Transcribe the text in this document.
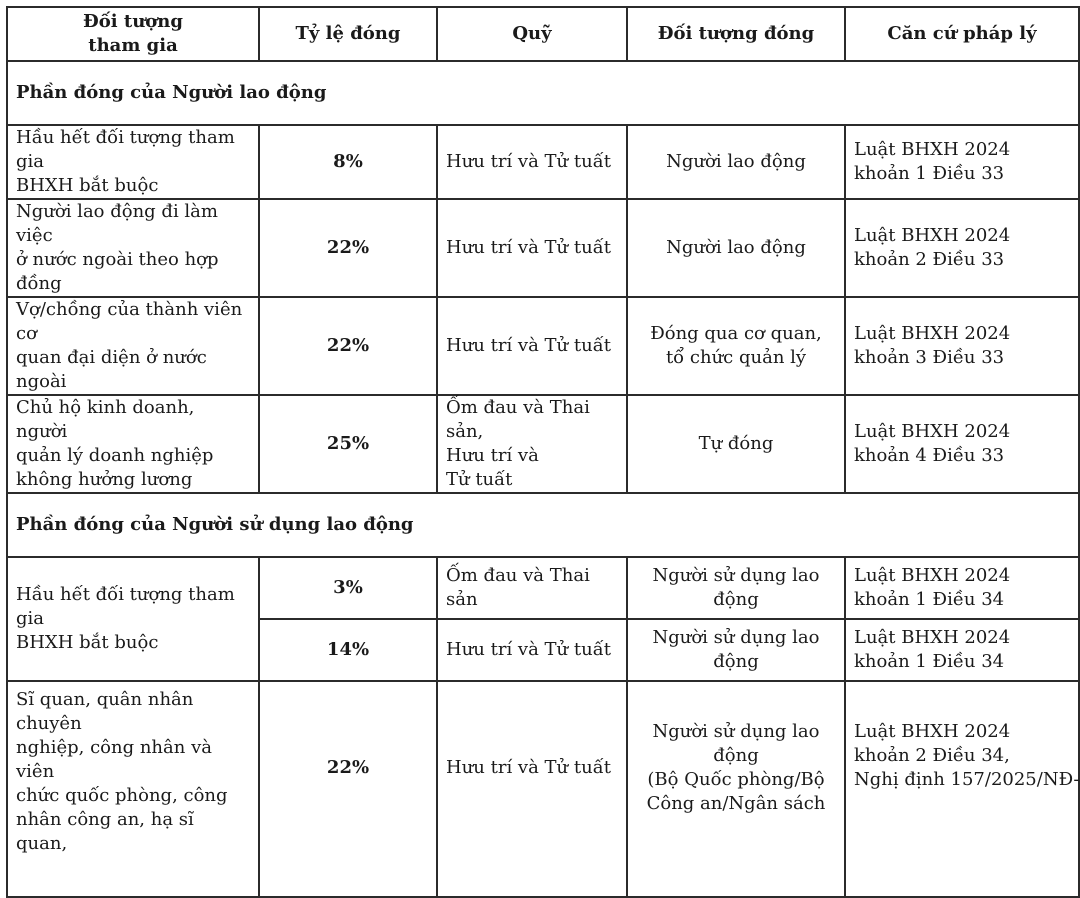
Đối tượng
tham gia	Tỷ lệ đóng	Quỹ	Đối tượng đóng	Căn cứ pháp lý
Phần đóng của Người lao động				

Hầu hết đối tượng tham gia
BHXH bắt buộc	8%	Hưu trí và Tử tuất	Người lao động	Luật BHXH 2024
khoản 1 Điều 33

Người lao động đi làm việc
ở nước ngoài theo hợp đồng	22%	Hưu trí và Tử tuất	Người lao động	Luật BHXH 2024
khoản 2 Điều 33

Vợ/chồng của thành viên cơ
quan đại diện ở nước ngoài	22%	Hưu trí và Tử tuất	Đóng qua cơ quan,
tổ chức quản lý	Luật BHXH 2024
khoản 3 Điều 33

Chủ hộ kinh doanh, người
quản lý doanh nghiệp
không hưởng lương	25%	Ốm đau và Thai sản,
Hưu trí và
Tử tuất	Tự đóng	Luật BHXH 2024
khoản 4 Điều 33

Phần đóng của Người sử dụng lao động				

Hầu hết đối tượng tham gia
BHXH bắt buộc	3%	Ốm đau và Thai sản	Người sử dụng lao động	Luật BHXH 2024
khoản 1 Điều 34

	14%	Hưu trí và Tử tuất	Người sử dụng lao động	Luật BHXH 2024
khoản 1 Điều 34

Sĩ quan, quân nhân chuyên
nghiệp, công nhân và viên
chức quốc phòng, công
nhân công an, hạ sĩ quan,	22%	Hưu trí và Tử tuất	Người sử dụng lao động
(Bộ Quốc phòng/Bộ
Công an/Ngân sách	Luật BHXH 2024
khoản 2 Điều 34,
Nghị định 157/2025/NĐ-
